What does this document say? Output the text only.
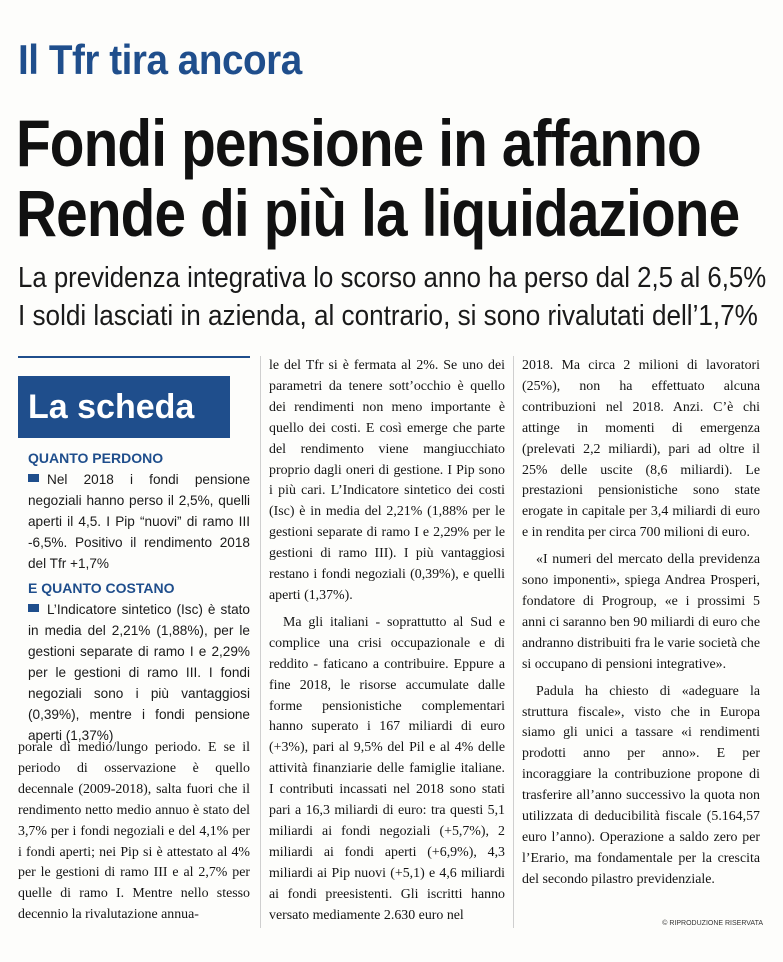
Il Tfr tira ancora
Fondi pensione in affanno
Rende di più la liquidazione
La previdenza integrativa lo scorso anno ha perso dal 2,5 al 6,5%
I soldi lasciati in azienda, al contrario, si sono rivalutati dell’1,7%
La scheda
QUANTO PERDONO
Nel 2018 i fondi pensione negoziali hanno perso il 2,5%, quelli aperti il 4,5. I Pip “nuovi” di ramo III -6,5%. Positivo il rendimento 2018 del Tfr +1,7%
E QUANTO COSTANO
L’Indicatore sintetico (Isc) è stato in media del 2,21% (1,88%), per le gestioni separate di ramo I e 2,29% per le gestioni di ramo III. I fondi negoziali sono i più vantaggiosi (0,39%), mentre i fondi pensione aperti (1,37%)

porale di medio/lungo periodo. E se il periodo di osservazione è quello decennale (2009-2018), salta fuori che il rendimento netto medio annuo è stato del 3,7% per i fondi negoziali e del 4,1% per i fondi aperti; nei Pip si è attestato al 4% per le gestioni di ramo III e al 2,7% per quelle di ramo I. Mentre nello stesso decennio la rivalutazione annua-

le del Tfr si è fermata al 2%. Se uno dei parametri da tenere sott’occhio è quello dei rendimenti non meno importante è quello dei costi. E così emerge che parte del rendimento viene mangiucchiato proprio dagli oneri di gestione. I Pip sono i più cari. L’Indicatore sintetico dei costi (Isc) è in media del 2,21% (1,88% per le gestioni separate di ramo I e 2,29% per le gestioni di ramo III). I più vantaggiosi restano i fondi negoziali (0,39%), e quelli aperti (1,37%).

Ma gli italiani - soprattutto al Sud e complice una crisi occupazionale e di reddito - faticano a contribuire. Eppure a fine 2018, le risorse accumulate dalle forme pensionistiche complementari hanno superato i 167 miliardi di euro (+3%), pari al 9,5% del Pil e al 4% delle attività finanziarie delle famiglie italiane. I contributi incassati nel 2018 sono stati pari a 16,3 miliardi di euro: tra questi 5,1 miliardi ai fondi negoziali (+5,7%), 2 miliardi ai fondi aperti (+6,9%), 4,3 miliardi ai Pip nuovi (+5,1) e 4,6 miliardi ai fondi preesistenti. Gli iscritti hanno versato mediamente 2.630 euro nel

2018. Ma circa 2 milioni di lavoratori (25%), non ha effettuato alcuna contribuzioni nel 2018. Anzi. C’è chi attinge in momenti di emergenza (prelevati 2,2 miliardi), pari ad oltre il 25% delle uscite (8,6 miliardi). Le prestazioni pensionistiche sono state erogate in capitale per 3,4 miliardi di euro e in rendita per circa 700 milioni di euro.

«I numeri del mercato della previdenza sono imponenti», spiega Andrea Prosperi, fondatore di Progroup, «e i prossimi 5 anni ci saranno ben 90 miliardi di euro che andranno distribuiti fra le varie società che si occupano di pensioni integrative».

Padula ha chiesto di «adeguare la struttura fiscale», visto che in Europa siamo gli unici a tassare «i rendimenti prodotti anno per anno». E per incoraggiare la contribuzione propone di trasferire all’anno successivo la quota non utilizzata di deducibilità fiscale (5.164,57 euro l’anno). Operazione a saldo zero per l’Erario, ma fondamentale per la crescita del secondo pilastro previdenziale.

© RIPRODUZIONE RISERVATA
